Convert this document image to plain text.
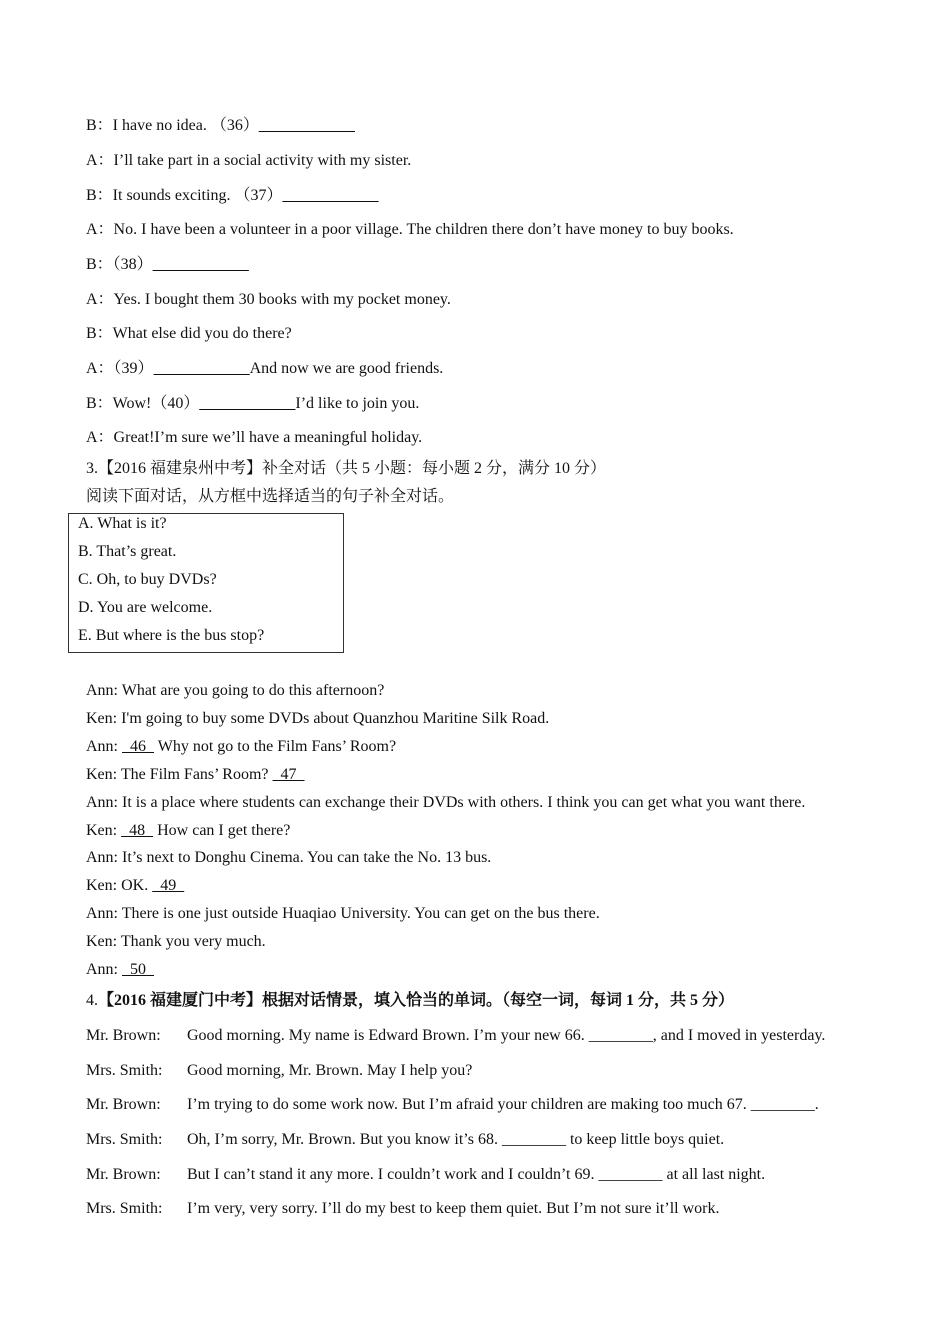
B：I have no idea. （36）____________
A：I’ll take part in a social activity with my sister.
B：It sounds exciting. （37）____________
A：No. I have been a volunteer in a poor village. The children there don’t have money to buy books.
B：（38）____________
A：Yes. I bought them 30 books with my pocket money.
B：What else did you do there?
A：（39）____________And now we are good friends.
B：Wow!（40）____________I’d like to join you.
A：Great!I’m sure we’ll have a meaningful holiday.
3.【2016 福建泉州中考】补全对话（共 5 小题：每小题 2 分，满分 10 分）
阅读下面对话，从方框中选择适当的句子补全对话。
A. What is it?
B. That’s great.
C. Oh, to buy DVDs?
D. You are welcome.
E. But where is the bus stop?
Ann: What are you going to do this afternoon?
Ken: I'm going to buy some DVDs about Quanzhou Maritine Silk Road.
Ann:   46   Why not go to the Film Fans’ Room?
Ken: The Film Fans’ Room?   47
Ann: It is a place where students can exchange their DVDs with others. I think you can get what you want there.
Ken:   48   How can I get there?
Ann: It’s next to Donghu Cinema. You can take the No. 13 bus.
Ken: OK.   49
Ann: There is one just outside Huaqiao University. You can get on the bus there.
Ken: Thank you very much.
Ann:   50
4.【2016 福建厦门中考】根据对话情景，填入恰当的单词。（每空一词，每词 1 分，共 5 分）
Mr. Brown: Good morning. My name is Edward Brown. I’m your new 66. ________, and I moved in yesterday.
Mrs. Smith: Good morning, Mr. Brown. May I help you?
Mr. Brown: I’m trying to do some work now. But I’m afraid your children are making too much 67. ________.
Mrs. Smith: Oh, I’m sorry, Mr. Brown. But you know it’s 68. ________ to keep little boys quiet.
Mr. Brown: But I can’t stand it any more. I couldn’t work and I couldn’t 69. ________ at all last night.
Mrs. Smith: I’m very, very sorry. I’ll do my best to keep them quiet. But I’m not sure it’ll work.
